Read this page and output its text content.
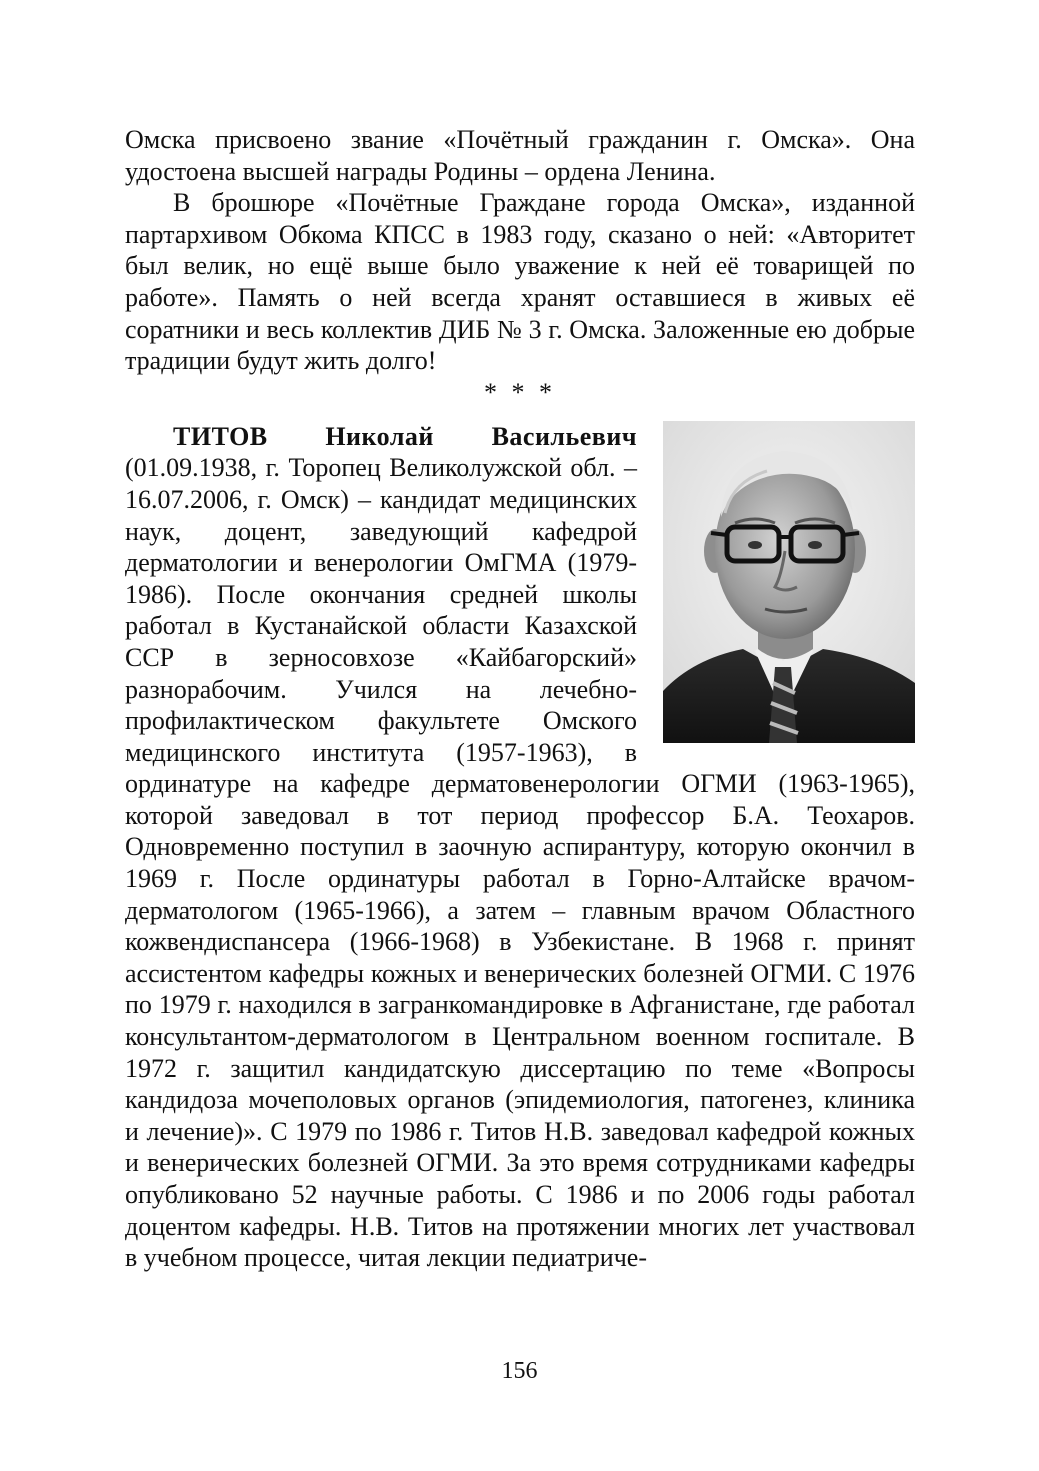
Омска присвоено звание «Почётный гражданин г. Омска». Она удостоена высшей награды Родины – ордена Ленина.

В брошюре «Почётные Граждане города Омска», изданной партархивом Обкома КПСС в 1983 году, сказано о ней: «Авторитет был велик, но ещё выше было уважение к ней её товарищей по работе». Память о ней всегда хранят оставшиеся в живых её соратники и весь коллектив ДИБ № 3 г. Омска. Заложенные ею добрые традиции будут жить долго!

* * *

ТИТОВ Николай Васильевич (01.09.1938, г. Торопец Великолужской обл. – 16.07.2006, г. Омск) – кандидат медицинских наук, доцент, заведующий кафедрой дерматологии и венерологии ОмГМА (1979-1986). После окончания средней школы работал в Кустанайской области Казахской ССР в зерносовхозе «Кайбагорский» разнорабочим. Учился на лечебно-профилактическом факультете Омского медицинского института (1957-1963), в ординатуре на кафедре дерматовенерологии ОГМИ (1963-1965), которой заведовал в тот период профессор Б.А. Теохаров. Одновременно поступил в заочную аспирантуру, которую окончил в 1969 г. После ординатуры работал в Горно-Алтайске врачом-дерматологом (1965-1966), а затем – главным врачом Областного кожвендиспансера (1966-1968) в Узбекистане. В 1968 г. принят ассистентом кафедры кожных и венерических болезней ОГМИ. С 1976 по 1979 г. находился в загранкомандировке в Афганистане, где работал консультантом-дерматологом в Центральном военном госпитале. В 1972 г. защитил кандидатскую диссертацию по теме «Вопросы кандидоза мочеполовых органов (эпидемиология, патогенез, клиника и лечение)». С 1979 по 1986 г. Титов Н.В. заведовал кафедрой кожных и венерических болезней ОГМИ. За это время сотрудниками кафедры опубликовано 52 научные работы. С 1986 и по 2006 годы работал доцентом кафедры. Н.В. Титов на протяжении многих лет участвовал в учебном процессе, читая лекции педиатриче-

156
